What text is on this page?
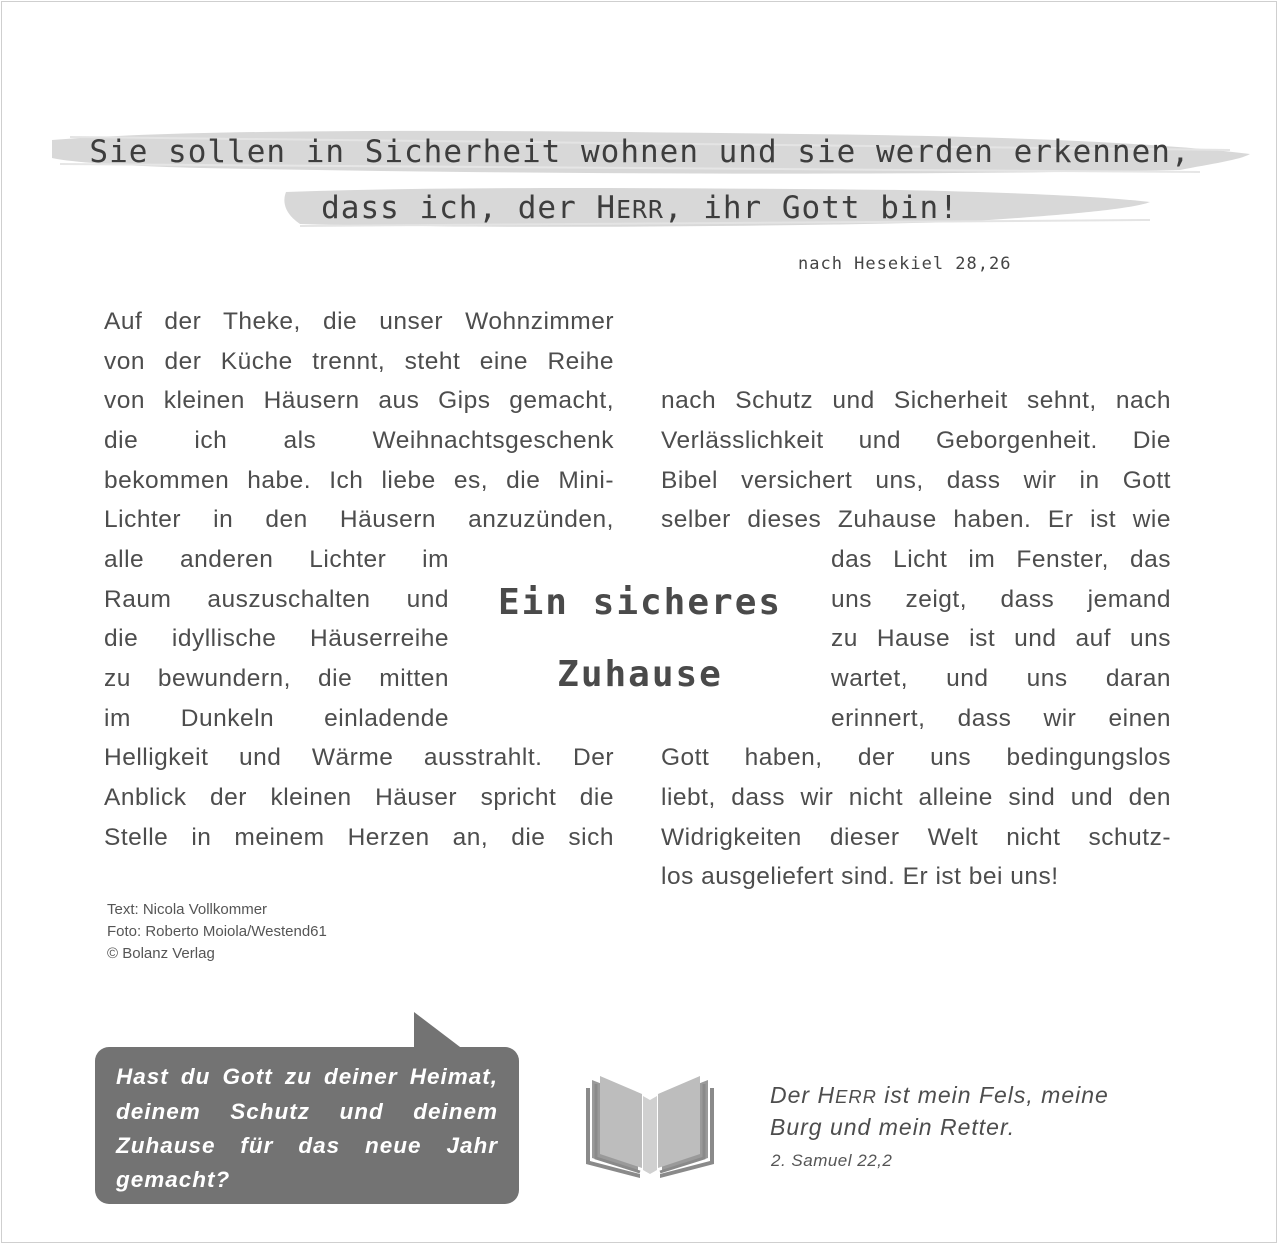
Sie sollen in Sicherheit wohnen und sie werden erkennen,
dass ich, der HERR, ihr Gott bin!
nach Hesekiel 28,26
Auf der Theke, die unser Wohnzimmer
von der Küche trennt, steht eine Reihe
von kleinen Häusern aus Gips gemacht,
die ich als Weihnachtsgeschenk
bekommen habe. Ich liebe es, die Mini-
Lichter in den Häusern anzuzünden,
alle anderen Lichter im
Raum auszuschalten und
die idyllische Häuserreihe
zu bewundern, die mitten
im Dunkeln einladende
Helligkeit und Wärme ausstrahlt. Der
Anblick der kleinen Häuser spricht die
Stelle in meinem Herzen an, die sich
Ein sicheres
Zuhause
nach Schutz und Sicherheit sehnt, nach
Verlässlichkeit und Geborgenheit. Die
Bibel versichert uns, dass wir in Gott
selber dieses Zuhause haben. Er ist wie
das Licht im Fenster, das
uns zeigt, dass jemand
zu Hause ist und auf uns
wartet, und uns daran
erinnert, dass wir einen
Gott haben, der uns bedingungslos
liebt, dass wir nicht alleine sind und den
Widrigkeiten dieser Welt nicht schutz-
los ausgeliefert sind. Er ist bei uns!
Text: Nicola Vollkommer
Foto: Roberto Moiola/Westend61
© Bolanz Verlag
Hast du Gott zu deiner Heimat,
deinem Schutz und deinem
Zuhause für das neue Jahr
gemacht?
Der HERR ist mein Fels, meine
Burg und mein Retter.
2. Samuel 22,2
